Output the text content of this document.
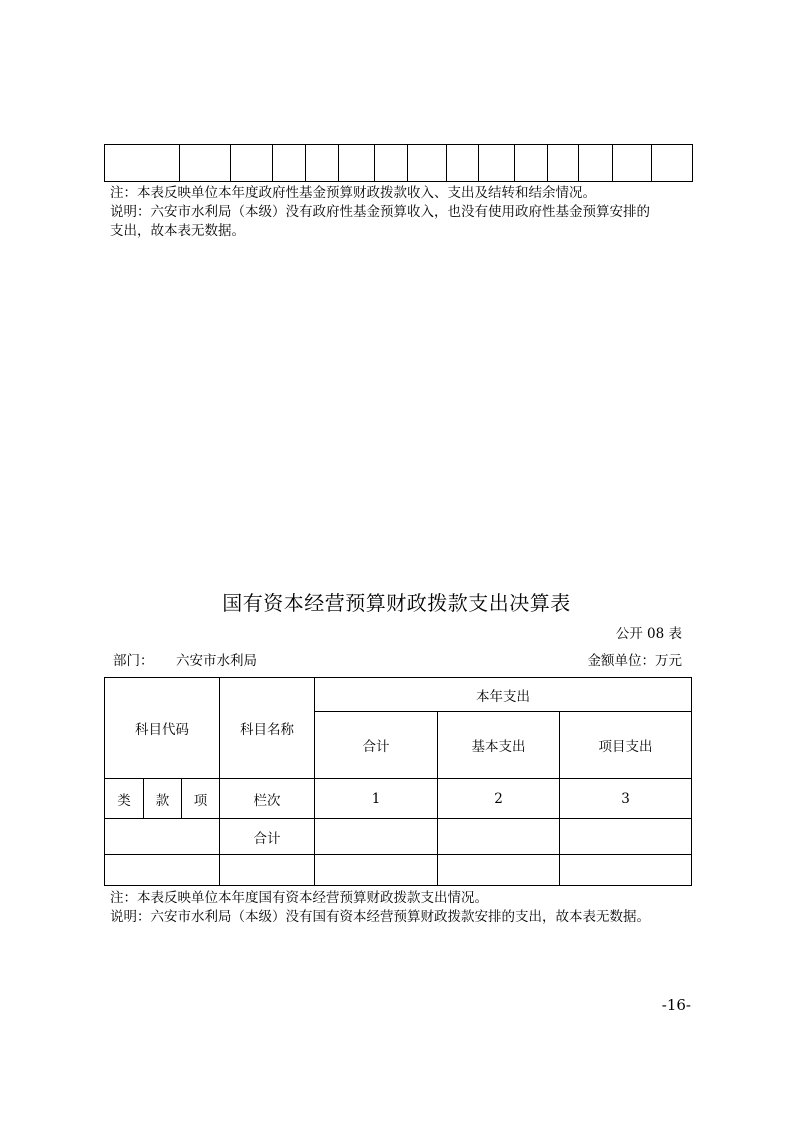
注：本表反映单位本年度政府性基金预算财政拨款收入、支出及结转和结余情况。
说明：六安市水利局（本级）没有政府性基金预算收入，也没有使用政府性基金预算安排的
支出，故本表无数据。
国有资本经营预算财政拨款支出决算表
公开 08 表
部门： 六安市水利局	金额单位：万元
科目代码			科目名称	本年支出		
				合计	基本支出	项目支出
类	款	项	栏次	1	2	3
			合计			

注：本表反映单位本年度国有资本经营预算财政拨款支出情况。
说明：六安市水利局（本级）没有国有资本经营预算财政拨款安排的支出，故本表无数据。
-16-
